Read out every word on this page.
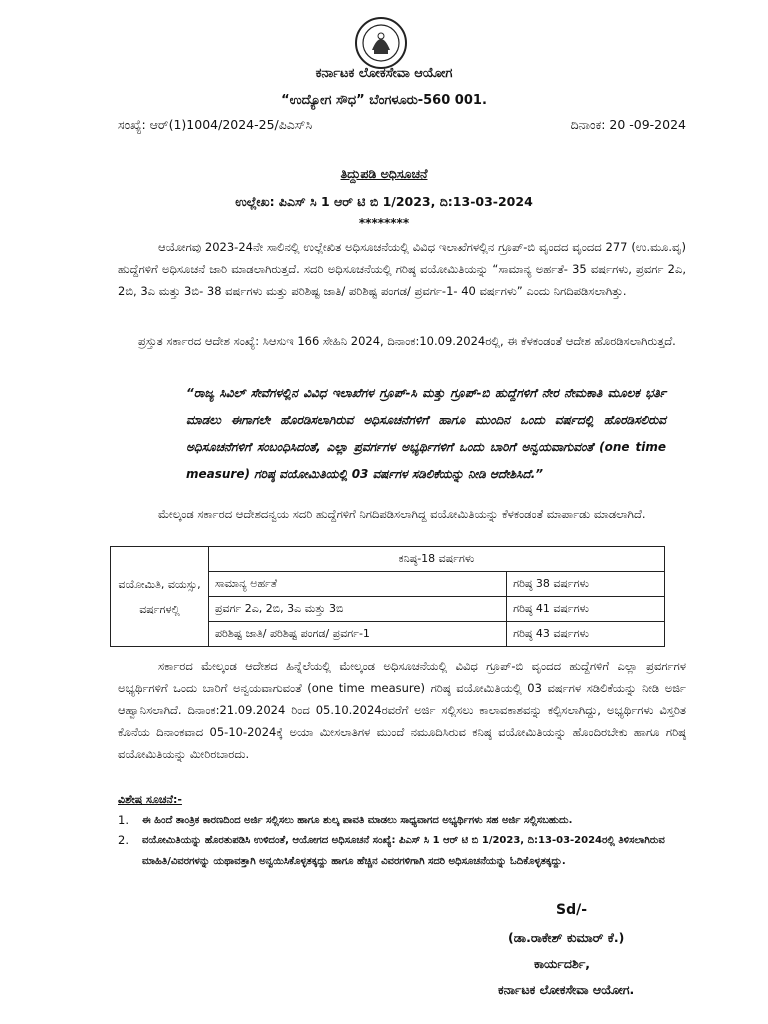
ಕರ್ನಾಟಕ ಲೋಕಸೇವಾ ಆಯೋಗ
“ಉದ್ಯೋಗ ಸೌಧ” ಬೆಂಗಳೂರು-560 001.
ಸಂಖ್ಯೆ: ಆರ್(1)1004/2024-25/ಪಿಎಸ್‌ಸಿ	ದಿನಾಂಕ: 20 -09-2024
ತಿದ್ದುಪಡಿ ಅಧಿಸೂಚನೆ
ಉಲ್ಲೇಖ: ಪಿಎಸ್ ಸಿ 1 ಆರ್ ಟಿ ಬಿ 1/2023, ದಿ:13-03-2024
********

ಆಯೋಗವು 2023-24ನೇ ಸಾಲಿನಲ್ಲಿ ಉಲ್ಲೇಖಿತ ಅಧಿಸೂಚನೆಯಲ್ಲಿ ವಿವಿಧ ಇಲಾಖೆಗಳಲ್ಲಿನ ಗ್ರೂಪ್-ಬಿ ವೃಂದದ ವೃಂದದ 277 (ಉ.ಮೂ.ವೃ) ಹುದ್ದೆಗಳಿಗೆ ಅಧಿಸೂಚನೆ ಜಾರಿ ಮಾಡಲಾಗಿರುತ್ತದೆ. ಸದರಿ ಅಧಿಸೂಚನೆಯಲ್ಲಿ ಗರಿಷ್ಠ ವಯೋಮಿತಿಯನ್ನು “ಸಾಮಾನ್ಯ ಅರ್ಹತೆ- 35 ವರ್ಷಗಳು, ಪ್ರವರ್ಗ 2ಎ, 2ಬಿ, 3ಎ ಮತ್ತು 3ಬಿ- 38 ವರ್ಷಗಳು ಮತ್ತು ಪರಿಶಿಷ್ಟ ಜಾತಿ/ ಪರಿಶಿಷ್ಟ ಪಂಗಡ/ ಪ್ರವರ್ಗ-1- 40 ವರ್ಷಗಳು” ಎಂದು ನಿಗದಿಪಡಿಸಲಾಗಿತ್ತು.

ಪ್ರಸ್ತುತ ಸರ್ಕಾರದ ಆದೇಶ ಸಂಖ್ಯೆ: ಸಿಆಸುಇ 166 ಸೇಹಿನಿ 2024, ದಿನಾಂಕ:10.09.2024ರಲ್ಲಿ, ಈ ಕೆಳಕಂಡಂತೆ ಆದೇಶ ಹೊರಡಿಸಲಾಗಿರುತ್ತದೆ.

“ರಾಜ್ಯ ಸಿವಿಲ್ ಸೇವೆಗಳಲ್ಲಿನ ವಿವಿಧ ಇಲಾಖೆಗಳ ಗ್ರೂಪ್-ಸಿ ಮತ್ತು ಗ್ರೂಪ್-ಬಿ ಹುದ್ದೆಗಳಿಗೆ ನೇರ ನೇಮಕಾತಿ ಮೂಲಕ ಭರ್ತಿ ಮಾಡಲು ಈಗಾಗಲೇ ಹೊರಡಿಸಲಾಗಿರುವ ಅಧಿಸೂಚನೆಗಳಿಗೆ ಹಾಗೂ ಮುಂದಿನ ಒಂದು ವರ್ಷದಲ್ಲಿ ಹೊರಡಿಸಲಿರುವ ಅಧಿಸೂಚನೆಗಳಿಗೆ ಸಂಬಂಧಿಸಿದಂತೆ, ಎಲ್ಲಾ ಪ್ರವರ್ಗಗಳ ಅಭ್ಯರ್ಥಿಗಳಿಗೆ ಒಂದು ಬಾರಿಗೆ ಅನ್ವಯವಾಗುವಂತೆ (one time measure) ಗರಿಷ್ಠ ವಯೋಮಿತಿಯಲ್ಲಿ 03 ವರ್ಷಗಳ ಸಡಿಲಿಕೆಯನ್ನು ನೀಡಿ ಆದೇಶಿಸಿದೆ.”

ಮೇಲ್ಕಂಡ ಸರ್ಕಾರದ ಆದೇಶದನ್ವಯ ಸದರಿ ಹುದ್ದೆಗಳಿಗೆ ನಿಗದಿಪಡಿಸಲಾಗಿದ್ದ ವಯೋಮಿತಿಯನ್ನು ಕೆಳಕಂಡಂತೆ ಮಾರ್ಪಾಡು ಮಾಡಲಾಗಿದೆ.

ವಯೋಮಿತಿ, ವಯಸ್ಸು, ವರ್ಷಗಳಲ್ಲಿ	ಕನಿಷ್ಠ-18 ವರ್ಷಗಳು	
	ಸಾಮಾನ್ಯ ಅರ್ಹತೆ	ಗರಿಷ್ಠ 38 ವರ್ಷಗಳು
	ಪ್ರವರ್ಗ 2ಎ, 2ಬಿ, 3ಎ ಮತ್ತು 3ಬಿ	ಗರಿಷ್ಠ 41 ವರ್ಷಗಳು
	ಪರಿಶಿಷ್ಟ ಜಾತಿ/ ಪರಿಶಿಷ್ಟ ಪಂಗಡ/ ಪ್ರವರ್ಗ-1	ಗರಿಷ್ಠ 43 ವರ್ಷಗಳು

ಸರ್ಕಾರದ ಮೇಲ್ಕಂಡ ಆದೇಶದ ಹಿನ್ನೆಲೆಯಲ್ಲಿ ಮೇಲ್ಕಂಡ ಅಧಿಸೂಚನೆಯಲ್ಲಿ ವಿವಿಧ ಗ್ರೂಪ್-ಬಿ ವೃಂದದ ಹುದ್ದೆಗಳಿಗೆ ಎಲ್ಲಾ ಪ್ರವರ್ಗಗಳ ಅಭ್ಯರ್ಥಿಗಳಿಗೆ ಒಂದು ಬಾರಿಗೆ ಅನ್ವಯವಾಗುವಂತೆ (one time measure) ಗರಿಷ್ಠ ವಯೋಮಿತಿಯಲ್ಲಿ 03 ವರ್ಷಗಳ ಸಡಿಲಿಕೆಯನ್ನು ನೀಡಿ ಅರ್ಜಿ ಆಹ್ವಾನಿಸಲಾಗಿದೆ. ದಿನಾಂಕ:21.09.2024 ರಿಂದ 05.10.2024ರವರೆಗೆ ಅರ್ಜಿ ಸಲ್ಲಿಸಲು ಕಾಲಾವಕಾಶವನ್ನು ಕಲ್ಪಿಸಲಾಗಿದ್ದು, ಅಭ್ಯರ್ಥಿಗಳು ವಿಸ್ತರಿತ ಕೊನೆಯ ದಿನಾಂಕವಾದ 05-10-2024ಕ್ಕೆ ಅಯಾ ಮೀಸಲಾತಿಗಳ ಮುಂದೆ ನಮೂದಿಸಿರುವ ಕನಿಷ್ಠ ವಯೋಮಿತಿಯನ್ನು ಹೊಂದಿರಬೇಕು ಹಾಗೂ ಗರಿಷ್ಠ ವಯೋಮಿತಿಯನ್ನು ಮೀರಿರಬಾರದು.

ವಿಶೇಷ ಸೂಚನೆ:-
1. ಈ ಹಿಂದೆ ತಾಂತ್ರಿಕ ಕಾರಣದಿಂದ ಅರ್ಜಿ ಸಲ್ಲಿಸಲು ಹಾಗೂ ಶುಲ್ಕ ಪಾವತಿ ಮಾಡಲು ಸಾಧ್ಯವಾಗದ ಅಭ್ಯರ್ಥಿಗಳು ಸಹ ಅರ್ಜಿ ಸಲ್ಲಿಸಬಹುದು.
2. ವಯೋಮಿತಿಯನ್ನು ಹೊರತುಪಡಿಸಿ ಉಳಿದಂತೆ, ಆಯೋಗದ ಅಧಿಸೂಚನೆ ಸಂಖ್ಯೆ: ಪಿಎಸ್ ಸಿ 1 ಆರ್ ಟಿ ಬಿ 1/2023, ದಿ:13-03-2024ರಲ್ಲಿ ತಿಳಿಸಲಾಗಿರುವ ಮಾಹಿತಿ/ವಿವರಗಳನ್ನು ಯಥಾವತ್ತಾಗಿ ಅನ್ವಯಿಸಿಕೊಳ್ಳತಕ್ಕದ್ದು ಹಾಗೂ ಹೆಚ್ಚಿನ ವಿವರಗಳಿಗಾಗಿ ಸದರಿ ಅಧಿಸೂಚನೆಯನ್ನು ಓದಿಕೊಳ್ಳತಕ್ಕದ್ದು.
Sd/-
(ಡಾ.ರಾಕೇಶ್ ಕುಮಾರ್ ಕೆ.)
ಕಾರ್ಯದರ್ಶಿ,
ಕರ್ನಾಟಕ ಲೋಕಸೇವಾ ಆಯೋಗ.
